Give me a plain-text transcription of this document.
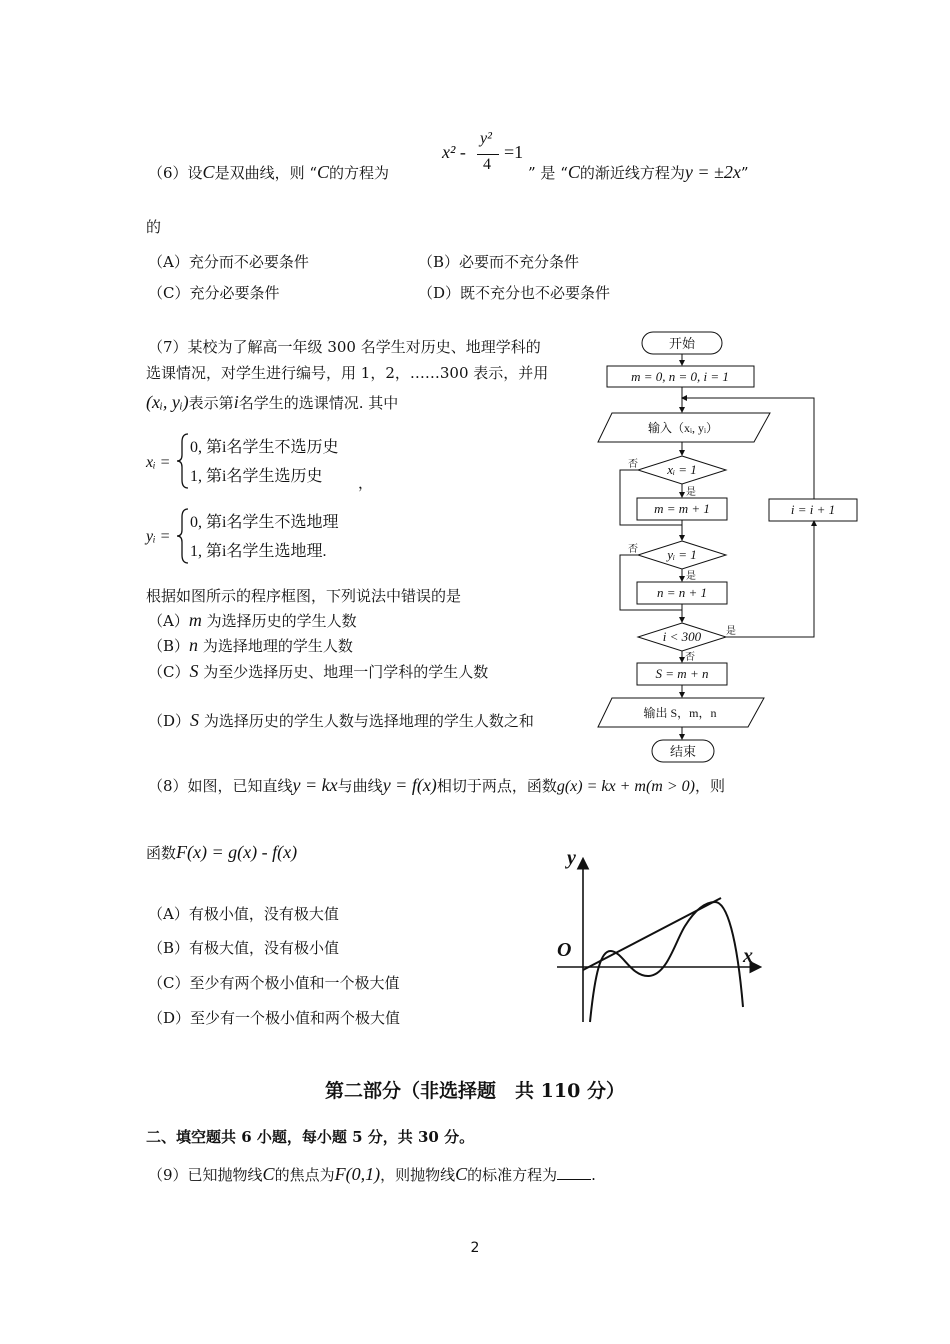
（6）设C是双曲线，则 “C的方程为
x² -
y²
4
=1
” 是 “C的渐近线方程为y = ±2x”
的
（A）充分而不必要条件	（B）必要而不充分条件
（C）充分必要条件	（D）既不充分也不必要条件
（7）某校为了解高一年级 300 名学生对历史、地理学科的
选课情况，对学生进行编号，用 1，2，……300 表示，并用
(xᵢ, yᵢ)表示第i名学生的选课情况. 其中
xᵢ =
0, 第i名学生不选历史
1, 第i名学生选历史 ，
yᵢ =
0, 第i名学生不选地理
1, 第i名学生选地理.
根据如图所示的程序框图，下列说法中错误的是
（A）m 为选择历史的学生人数
（B）n 为选择地理的学生人数
（C）S 为至少选择历史、地理一门学科的学生人数
（D）S 为选择历史的学生人数与选择地理的学生人数之和
开始
m = 0, n = 0, i = 1
输入（xᵢ, yᵢ）
xᵢ = 1
m = m + 1
yᵢ = 1
n = n + 1
i < 300
i = i + 1
S = m + n
输出 S，m，n
结束
否
是
否
是
是
否
（8）如图，已知直线y = kx与曲线y = f(x)相切于两点，函数g(x) = kx + m(m > 0)，则
函数F(x) = g(x) - f(x)
（A）有极小值，没有极大值
（B）有极大值，没有极小值
（C）至少有两个极小值和一个极大值
（D）至少有一个极小值和两个极大值
y
x
O
第二部分（非选择题　共 110 分）
二、填空题共 6 小题，每小题 5 分，共 30 分。
（9）已知抛物线C的焦点为F(0,1)，则抛物线C的标准方程为 .
2
